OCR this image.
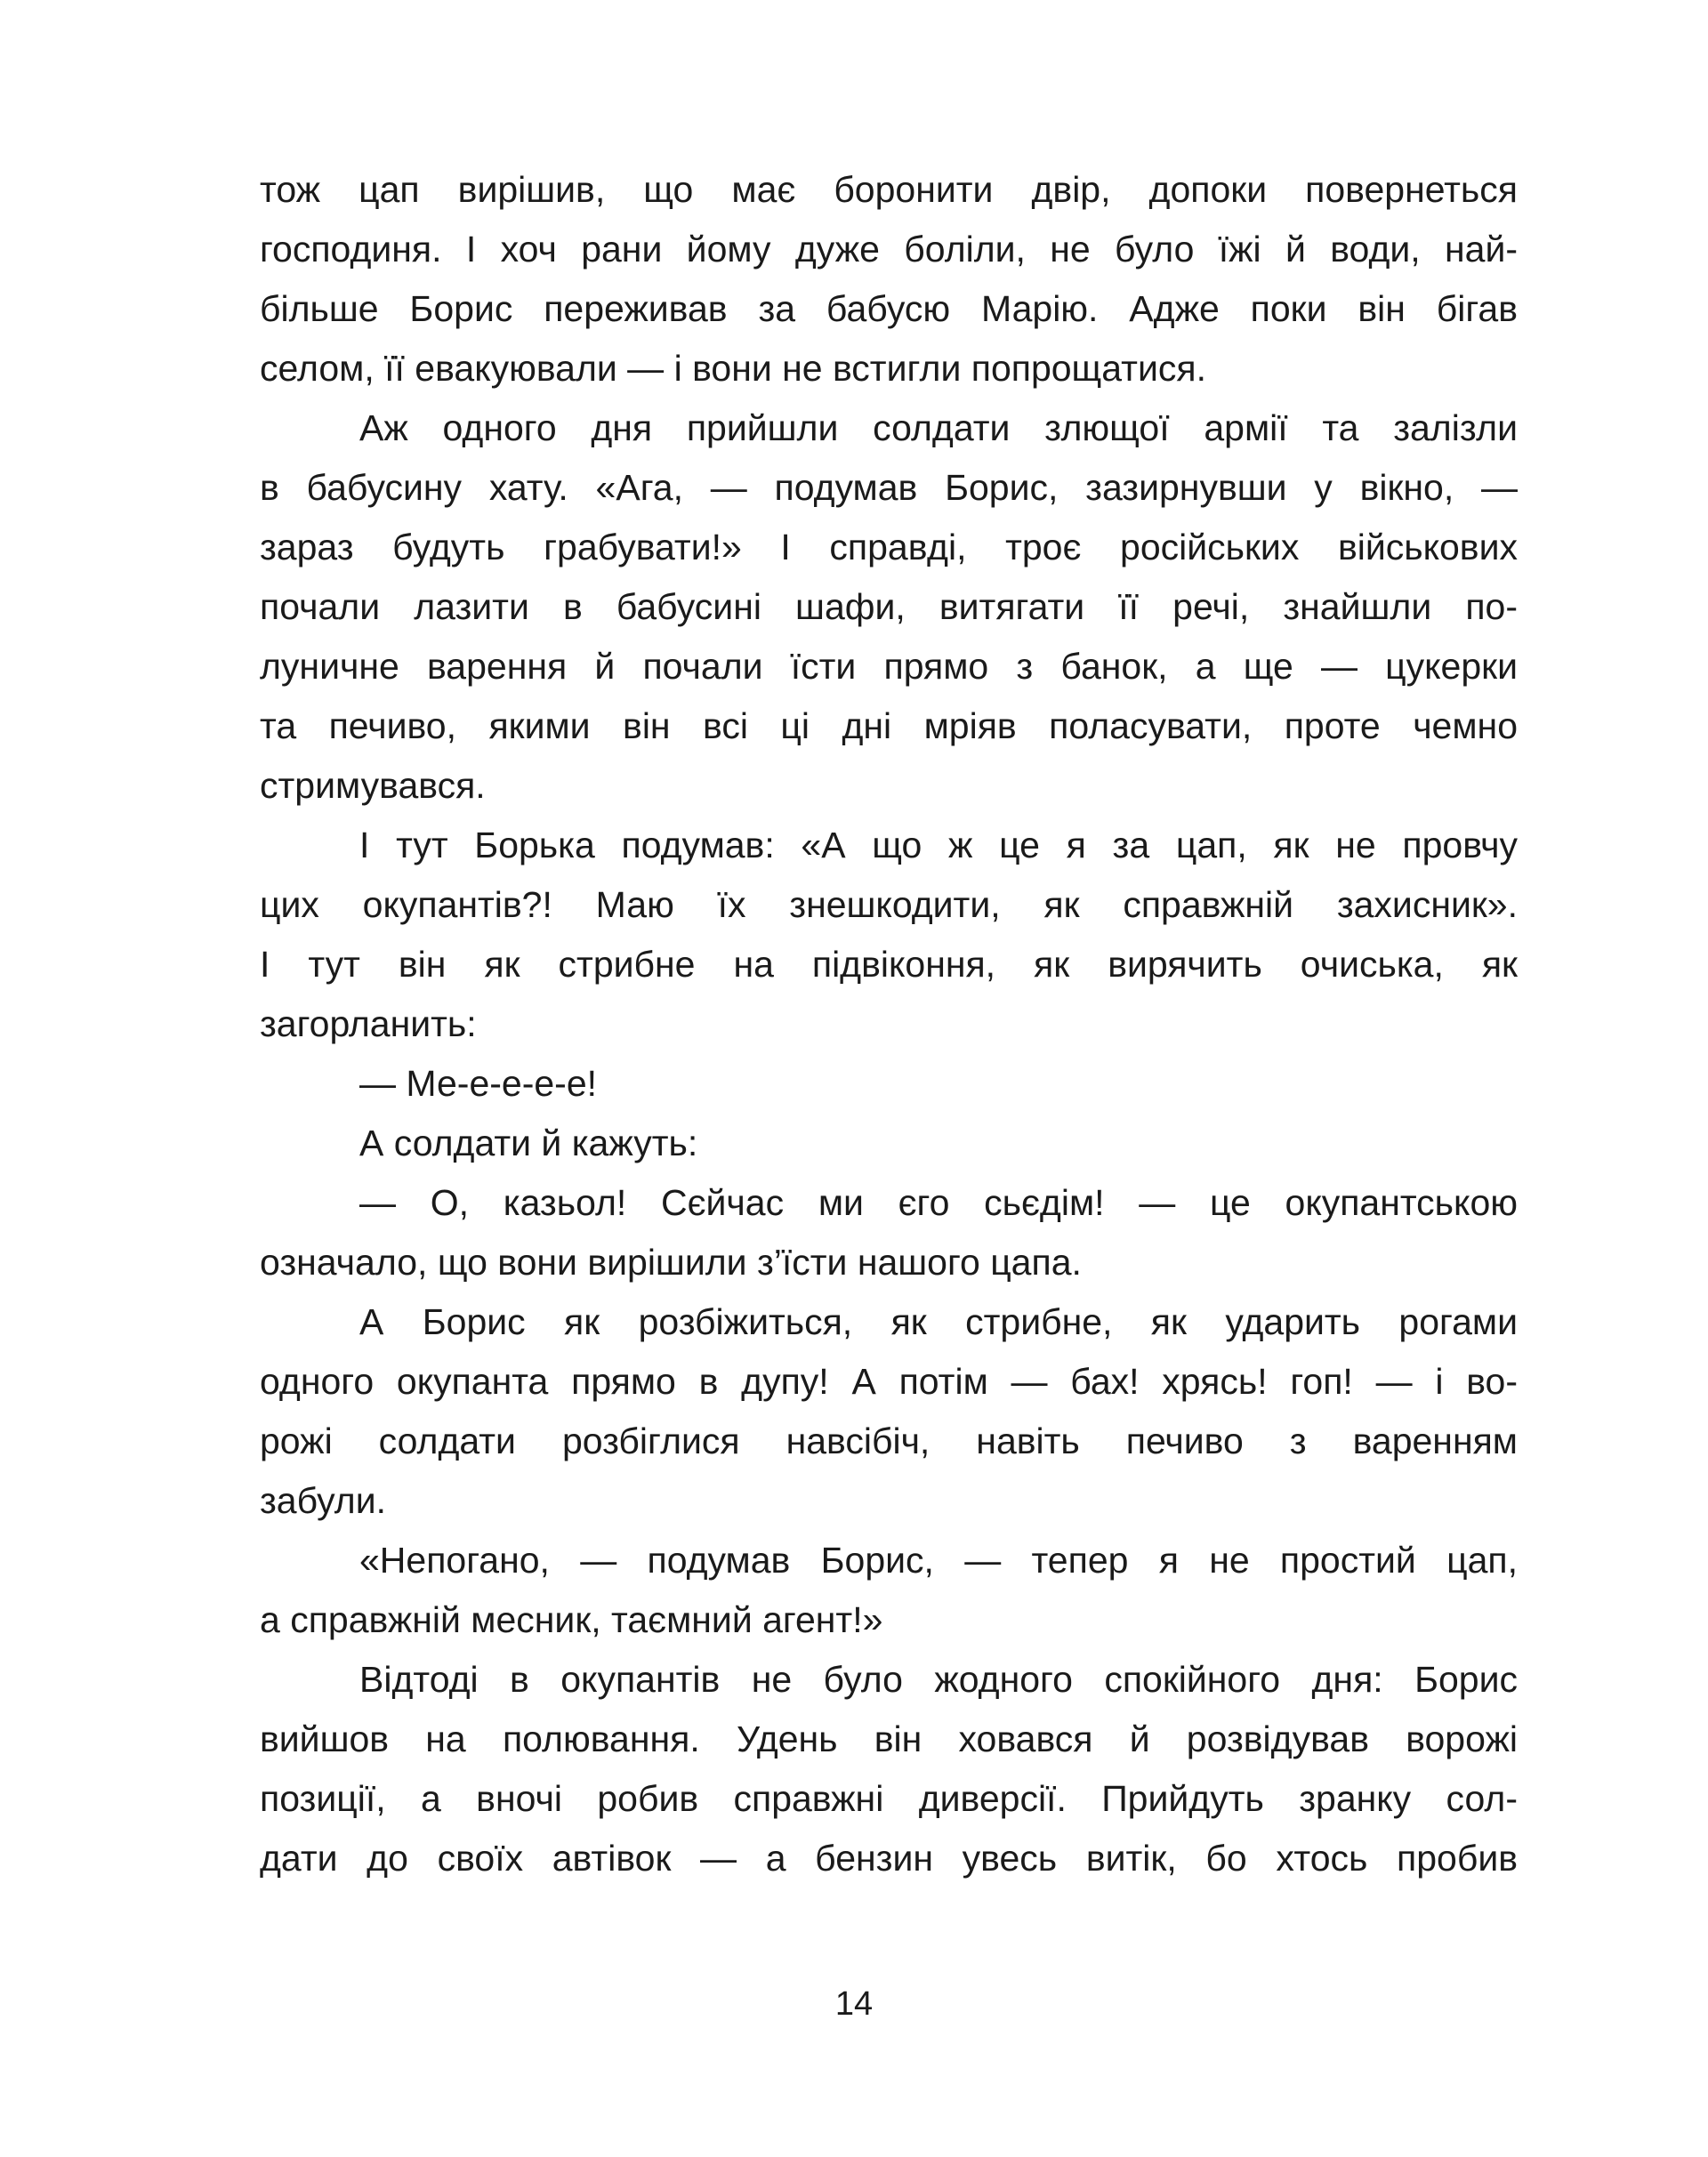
тож цап вирішив, що має боронити двір, допоки повернеться
господиня. І хоч рани йому дуже боліли, не було їжі й води, най-
більше Борис переживав за бабусю Марію. Адже поки він бігав
селом, її евакуювали — і вони не встигли попрощатися.
Аж одного дня прийшли солдати злющої армії та залізли
в бабусину хату. «Ага, — подумав Борис, зазирнувши у вікно, —
зараз будуть грабувати!» І справді, троє російських військових
почали лазити в бабусині шафи, витягати її речі, знайшли по-
луничне варення й почали їсти прямо з банок, а ще — цукерки
та печиво, якими він всі ці дні мріяв поласувати, проте чемно
стримувався.
І тут Борька подумав: «А що ж це я за цап, як не провчу
цих окупантів?! Маю їх знешкодити, як справжній захисник».
І тут він як стрибне на підвіконня, як вирячить очиська, як
загорланить:
— Ме-е-е-е-е!
А солдати й кажуть:
— О, казьол! Сєйчас ми єго сьєдім! — це окупантською
означало, що вони вирішили з’їсти нашого цапа.
А Борис як розбіжиться, як стрибне, як ударить рогами
одного окупанта прямо в дупу! А потім — бах! хрясь! гоп! — і во-
рожі солдати розбіглися навсібіч, навіть печиво з варенням
забули.
«Непогано, — подумав Борис, — тепер я не простий цап,
а справжній месник, таємний агент!»
Відтоді в окупантів не було жодного спокійного дня: Борис
вийшов на полювання. Удень він ховався й розвідував ворожі
позиції, а вночі робив справжні диверсії. Прийдуть зранку сол-
дати до своїх автівок — а бензин увесь витік, бо хтось пробив
14
